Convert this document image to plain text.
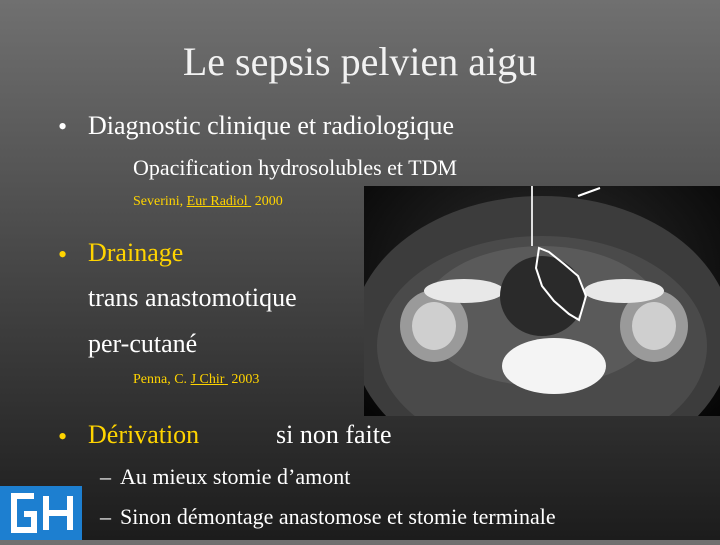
Le sepsis pelvien aigu
• Diagnostic clinique et radiologique
Opacification hydrosolubles et TDM
Severini, Eur Radiol 2000
• Drainage
trans anastomotique
per-cutané
Penna, C. J Chir 2003
• Dérivation	si non faite
– Au mieux stomie d’amont
– Sinon démontage anastomose et stomie terminale
